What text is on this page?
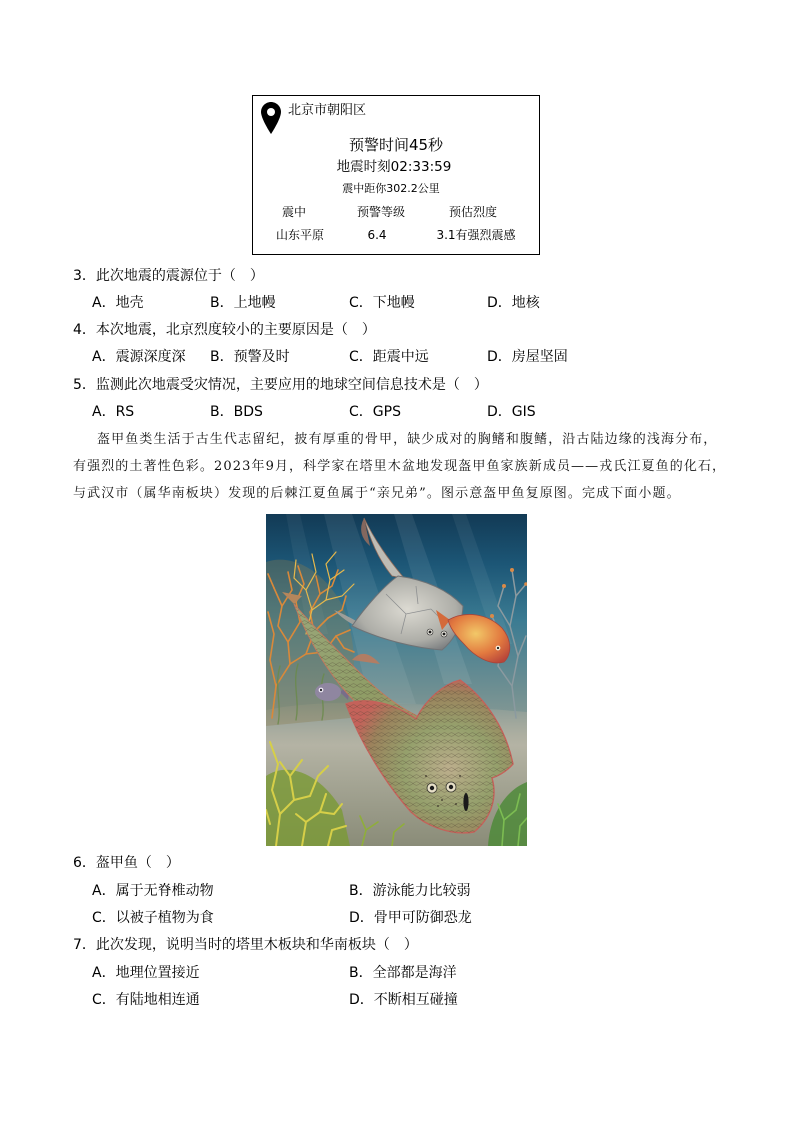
北京市朝阳区
预警时间45秒
地震时刻02:33:59
震中距你302.2公里
震中	预警等级	预估烈度
山东平原	6.4	3.1有强烈震感
3．此次地震的震源位于（　）
A．地壳	B．上地幔	C．下地幔	D．地核
4．本次地震，北京烈度较小的主要原因是（　）
A．震源深度深 B．预警及时	C．距震中远	D．房屋坚固
5．监测此次地震受灾情况，主要应用的地球空间信息技术是（　）
A．RS	B．BDS	C．GPS	D．GIS
盔甲鱼类生活于古生代志留纪，披有厚重的骨甲，缺少成对的胸鳍和腹鳍，沿古陆边缘的浅海分布，
有强烈的土著性色彩。2023年9月，科学家在塔里木盆地发现盔甲鱼家族新成员——戎氏江夏鱼的化石，
与武汉市（属华南板块）发现的后棘江夏鱼属于“亲兄弟”。图示意盔甲鱼复原图。完成下面小题。
6．盔甲鱼（　）
A．属于无脊椎动物	B．游泳能力比较弱
C．以被子植物为食	D．骨甲可防御恐龙
7．此次发现，说明当时的塔里木板块和华南板块（　）
A．地理位置接近	B．全部都是海洋
C．有陆地相连通	D．不断相互碰撞
